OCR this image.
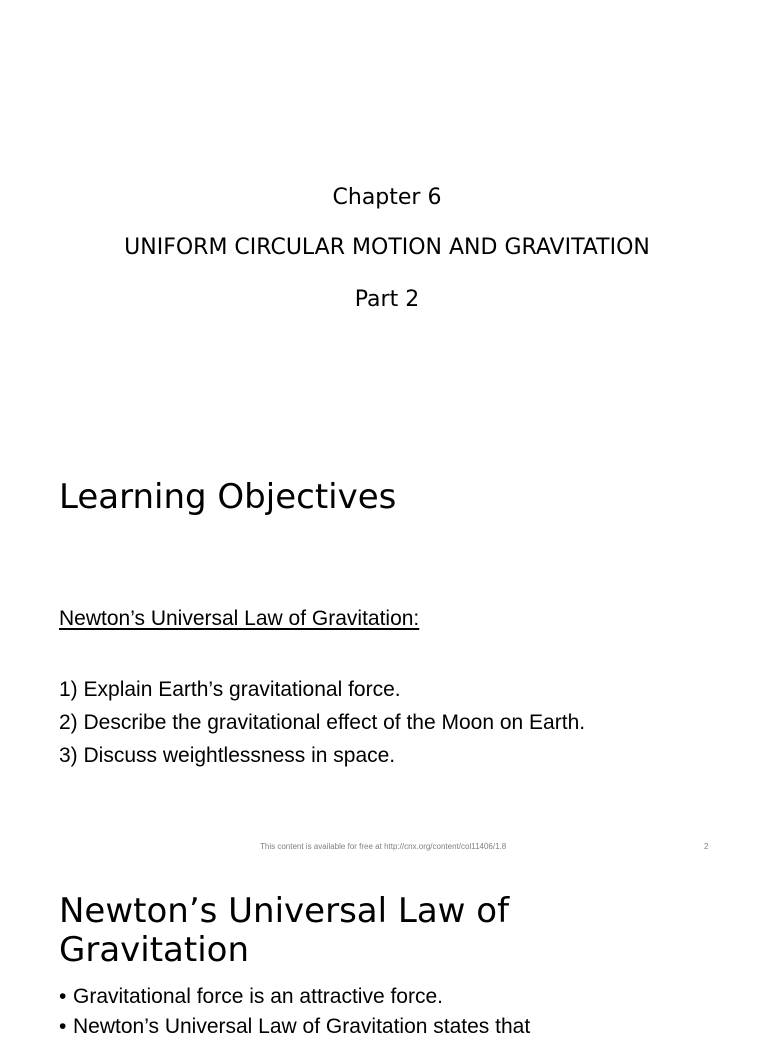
Chapter 6
UNIFORM CIRCULAR MOTION AND GRAVITATION
Part 2
Learning Objectives
Newton’s Universal Law of Gravitation:
1) Explain Earth’s gravitational force.
2) Describe the gravitational effect of the Moon on Earth.
3) Discuss weightlessness in space.
This content is available for free at http://cnx.org/content/col11406/1.8	2
Newton’s Universal Law of Gravitation
• Gravitational force is an attractive force.
• Newton’s Universal Law of Gravitation states that
